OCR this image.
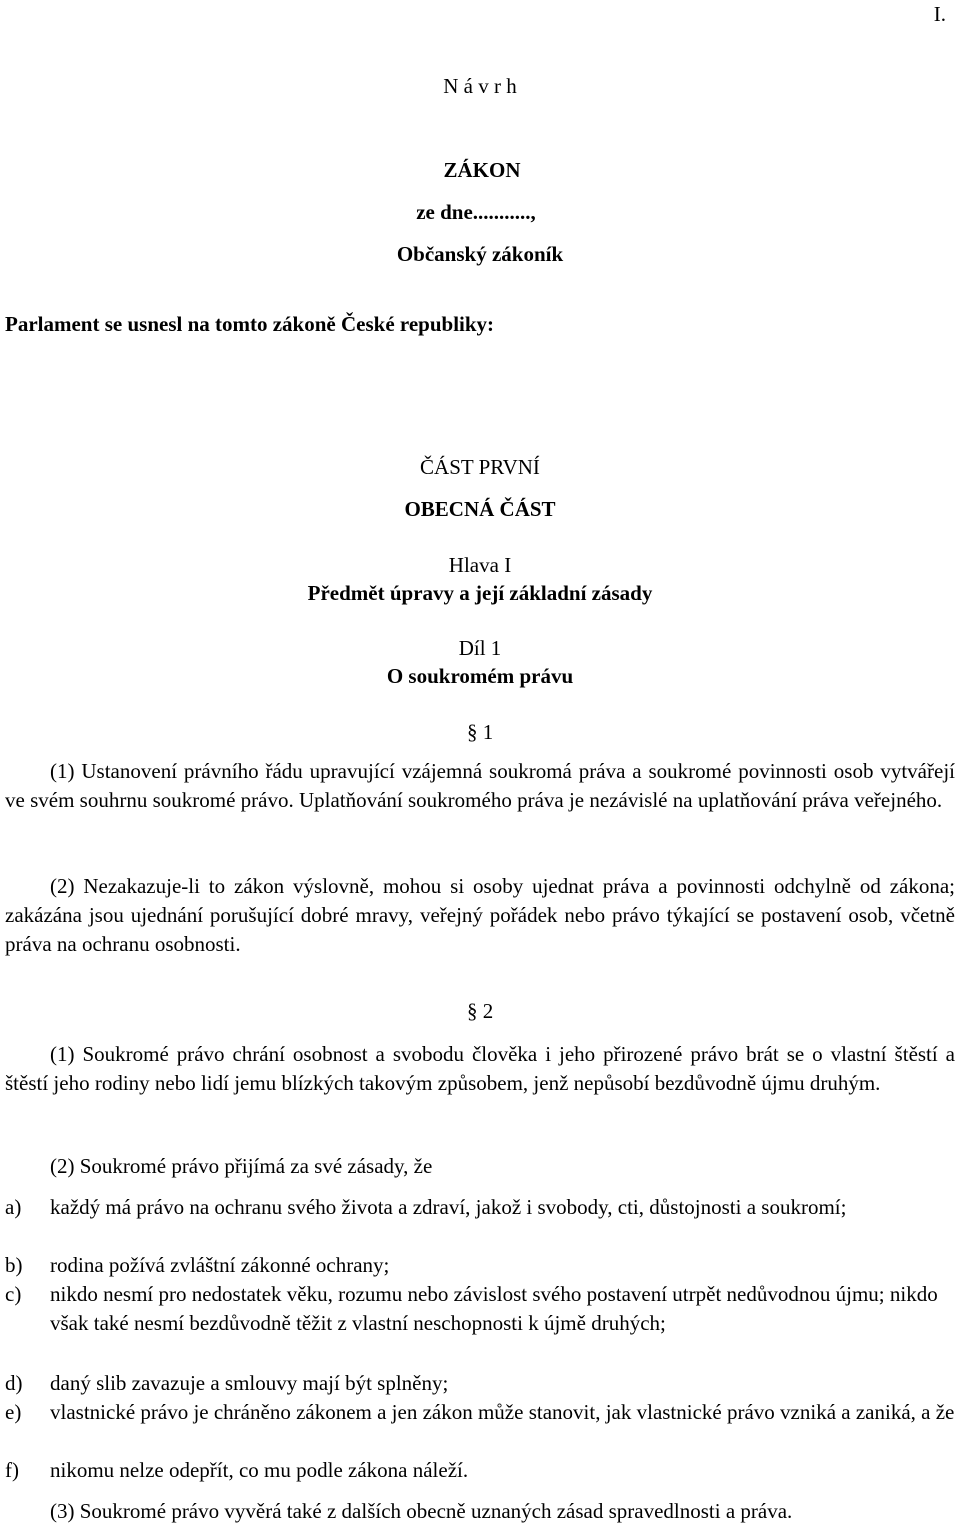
I.
N á v r h
ZÁKON
ze dne...........,
Občanský zákoník
Parlament se usnesl na tomto zákoně České republiky:
ČÁST PRVNÍ
OBECNÁ ČÁST
Hlava I
Předmět úpravy a její základní zásady
Díl 1
O soukromém právu
§ 1
(1) Ustanovení právního řádu upravující vzájemná soukromá práva a soukromé povinnosti osob vytvářejí ve svém souhrnu soukromé právo. Uplatňování soukromého práva je nezávislé na uplatňování práva veřejného.
(2) Nezakazuje-li to zákon výslovně, mohou si osoby ujednat práva a povinnosti odchylně od zákona; zakázána jsou ujednání porušující dobré mravy, veřejný pořádek nebo právo týkající se postavení osob, včetně práva na ochranu osobnosti.
§ 2
(1) Soukromé právo chrání osobnost a svobodu člověka i jeho přirozené právo brát se o vlastní štěstí a štěstí jeho rodiny nebo lidí jemu blízkých takovým způsobem, jenž nepůsobí bezdůvodně újmu druhým.
(2) Soukromé právo přijímá za své zásady, že
a) každý má právo na ochranu svého života a zdraví, jakož i svobody, cti, důstojnosti a soukromí;
b) rodina požívá zvláštní zákonné ochrany;
c) nikdo nesmí pro nedostatek věku, rozumu nebo závislost svého postavení utrpět nedůvodnou újmu; nikdo však také nesmí bezdůvodně těžit z vlastní neschopnosti k újmě druhých;
d) daný slib zavazuje a smlouvy mají být splněny;
e) vlastnické právo je chráněno zákonem a jen zákon může stanovit, jak vlastnické právo vzniká a zaniká, a že
f) nikomu nelze odepřít, co mu podle zákona náleží.
(3) Soukromé právo vyvěrá také z dalších obecně uznaných zásad spravedlnosti a práva.
